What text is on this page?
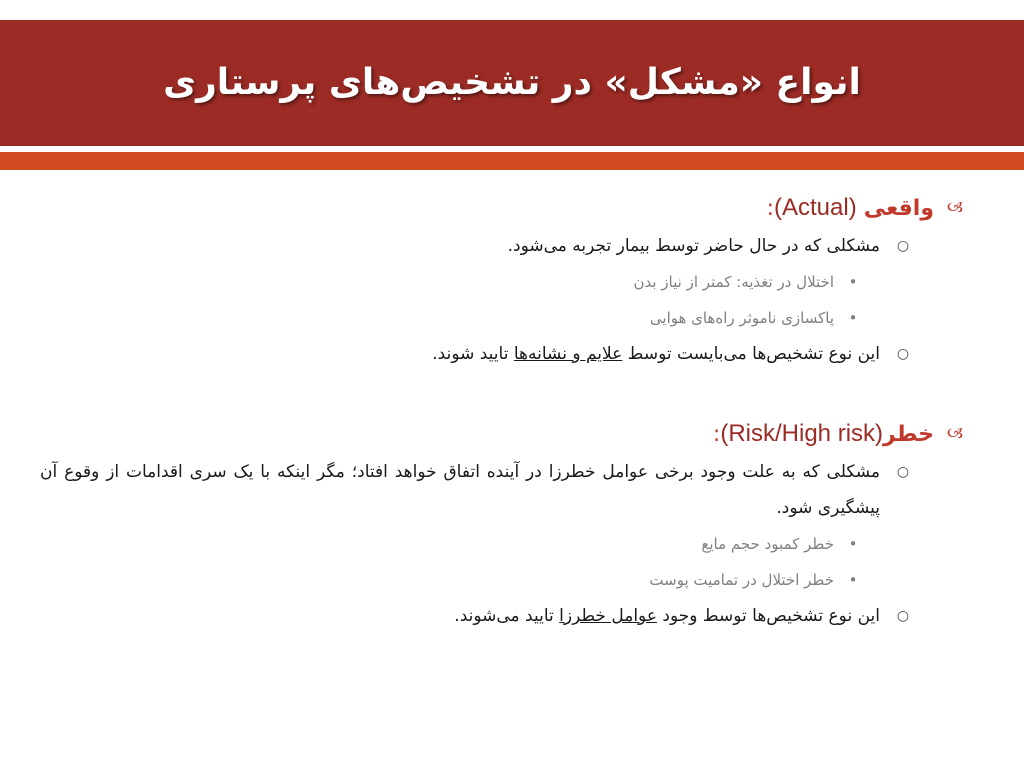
انواع «مشکل» در تشخیص‌های پرستاری
🙢
واقعی (Actual):
○
مشکلی که در حال حاضر توسط بیمار تجربه می‌شود.
•
اختلال در تغذیه: کمتر از نیاز بدن
•
پاکسازی ناموثر راه‌های هوایی
○
این نوع تشخیص‌ها می‌بایست توسط علایم و نشانه‌ها تایید شوند.
🙢
خطر(Risk/High risk):
○
مشکلی که به علت وجود برخی عوامل خطرزا در آینده اتفاق خواهد افتاد؛ مگر اینکه با یک سری اقدامات از وقوع آن پیشگیری شود.
•
خطر کمبود حجم مایع
•
خطر اختلال در تمامیت پوست
○
این نوع تشخیص‌ها توسط وجود عوامل خطرزا تایید می‌شوند.
